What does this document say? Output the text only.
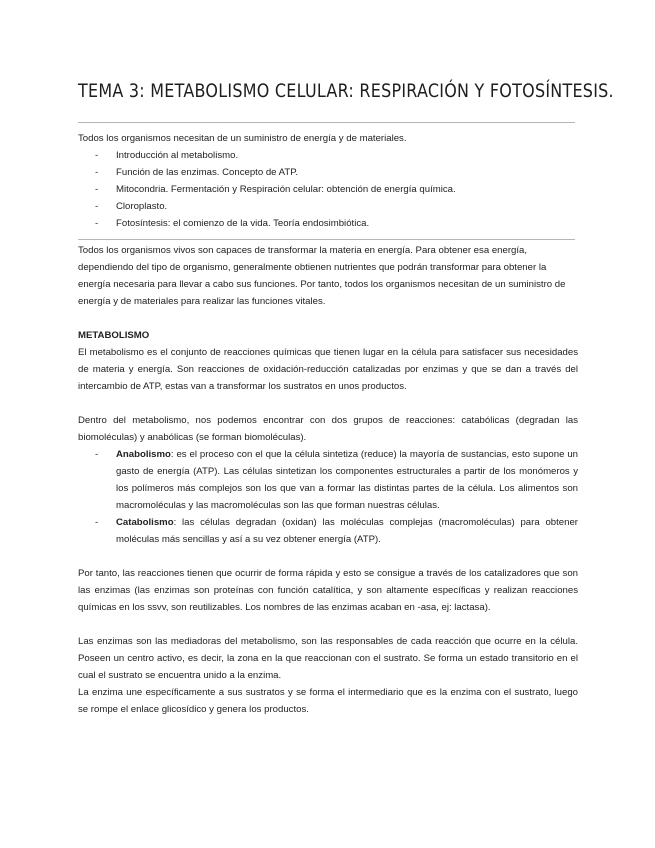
TEMA 3: METABOLISMO CELULAR: RESPIRACIÓN Y FOTOSÍNTESIS.

Todos los organismos necesitan de un suministro de energía y de materiales.

- Introducción al metabolismo.
- Función de las enzimas. Concepto de ATP.
- Mitocondria. Fermentación y Respiración celular: obtención de energía química.
- Cloroplasto.
- Fotosíntesis: el comienzo de la vida. Teoría endosimbiótica.

Todos los organismos vivos son capaces de transformar la materia en energía. Para obtener esa energía, dependiendo del tipo de organismo, generalmente obtienen nutrientes que podrán transformar para obtener la energía necesaria para llevar a cabo sus funciones. Por tanto, todos los organismos necesitan de un suministro de energía y de materiales para realizar las funciones vitales.

METABOLISMO

El metabolismo es el conjunto de reacciones químicas que tienen lugar en la célula para satisfacer sus necesidades de materia y energía. Son reacciones de oxidación-reducción catalizadas por enzimas y que se dan a través del intercambio de ATP, estas van a transformar los sustratos en unos productos.

Dentro del metabolismo, nos podemos encontrar con dos grupos de reacciones: catabólicas (degradan las biomoléculas) y anabólicas (se forman biomoléculas).

- Anabolismo: es el proceso con el que la célula sintetiza (reduce) la mayoría de sustancias, esto supone un gasto de energía (ATP). Las células sintetizan los componentes estructurales a partir de los monómeros y los polímeros más complejos son los que van a formar las distintas partes de la célula. Los alimentos son macromoléculas y las macromoléculas son las que forman nuestras células.
- Catabolismo: las células degradan (oxidan) las moléculas complejas (macromoléculas) para obtener moléculas más sencillas y así a su vez obtener energía (ATP).

Por tanto, las reacciones tienen que ocurrir de forma rápida y esto se consigue a través de los catalizadores que son las enzimas (las enzimas son proteínas con función catalítica, y son altamente específicas y realizan reacciones químicas en los ssvv, son reutilizables. Los nombres de las enzimas acaban en -asa, ej: lactasa).

Las enzimas son las mediadoras del metabolismo, son las responsables de cada reacción que ocurre en la célula. Poseen un centro activo, es decir, la zona en la que reaccionan con el sustrato. Se forma un estado transitorio en el cual el sustrato se encuentra unido a la enzima.

La enzima une específicamente a sus sustratos y se forma el intermediario que es la enzima con el sustrato, luego se rompe el enlace glicosídico y genera los productos.
